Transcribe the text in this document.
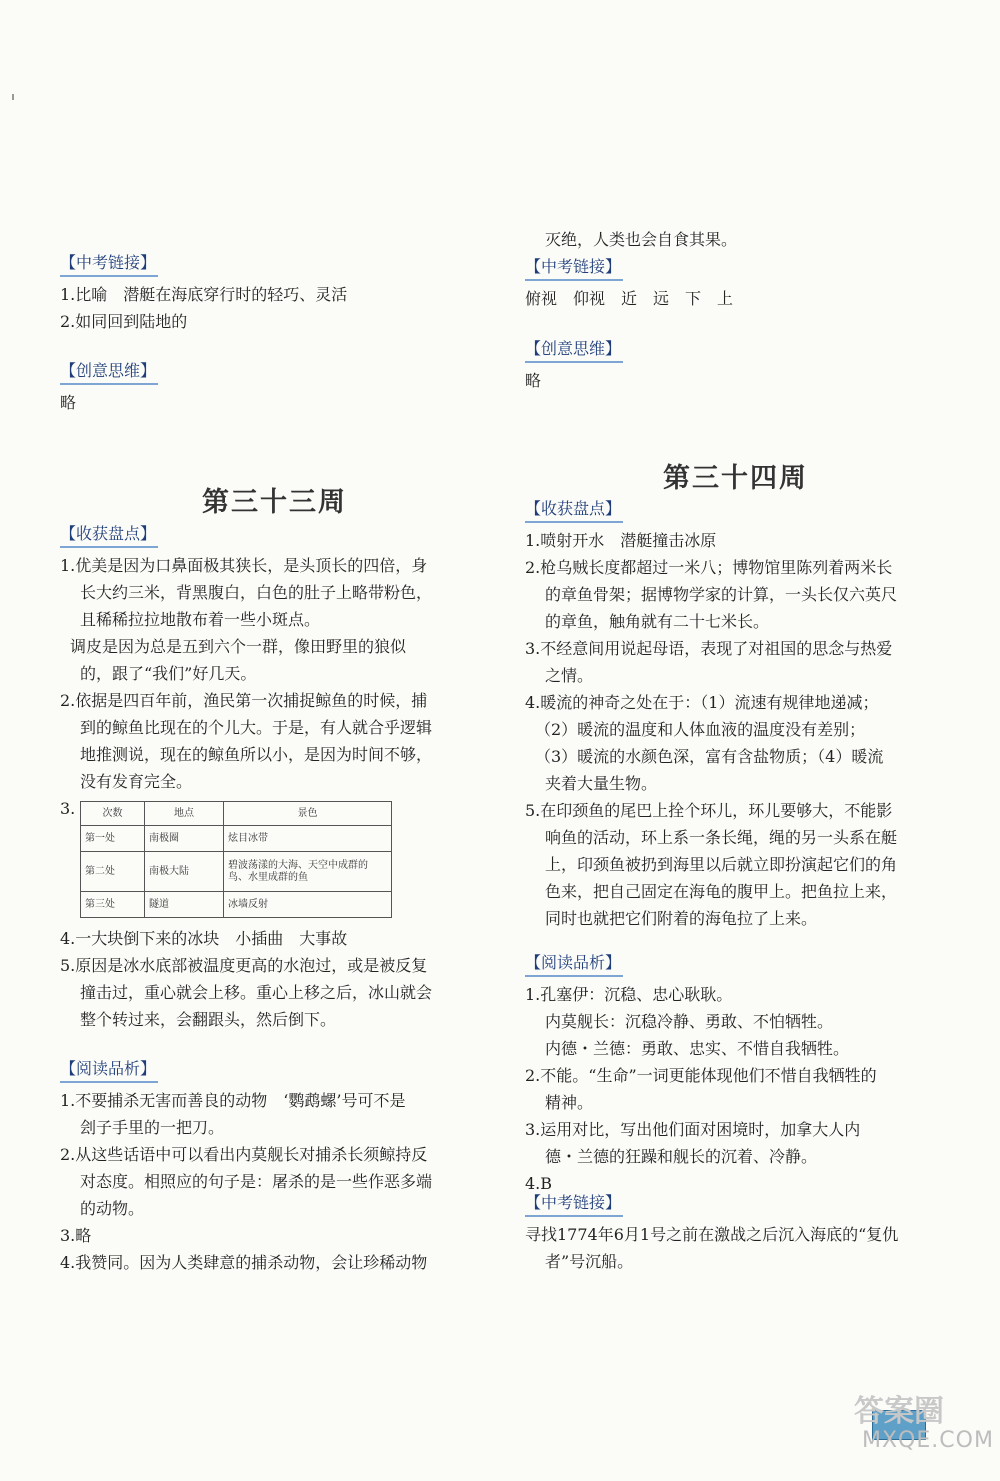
【中考链接】
1.比喻　潜艇在海底穿行时的轻巧、灵活
2.如同回到陆地的
【创意思维】
略
第三十三周
【收获盘点】
1.优美是因为口鼻面极其狭长，是头顶长的四倍，身
长大约三米，背黑腹白，白色的肚子上略带粉色，
且稀稀拉拉地散布着一些小斑点。
调皮是因为总是五到六个一群，像田野里的狼似
的，跟了“我们”好几天。
2.依据是四百年前，渔民第一次捕捉鲸鱼的时候，捕
到的鲸鱼比现在的个儿大。于是，有人就合乎逻辑
地推测说，现在的鲸鱼所以小，是因为时间不够，
没有发育完全。
3.	次数	地点	景色
第一处	南极圈	炫目冰带
第二处	南极大陆	碧波荡漾的大海、天空中成群的鸟、水里成群的鱼
第三处	隧道	冰墙反射
4.一大块倒下来的冰块　小插曲　大事故
5.原因是冰水底部被温度更高的水泡过，或是被反复
撞击过，重心就会上移。重心上移之后，冰山就会
整个转过来，会翻跟头，然后倒下。
【阅读品析】
1.不要捕杀无害而善良的动物　‘鹦鹉螺’号可不是
刽子手里的一把刀。
2.从这些话语中可以看出内莫舰长对捕杀长须鲸持反
对态度。相照应的句子是：屠杀的是一些作恶多端
的动物。
3.略
4.我赞同。因为人类肆意的捕杀动物，会让珍稀动物
灭绝，人类也会自食其果。
【中考链接】
俯视　仰视　近　远　下　上
【创意思维】
略
第三十四周
【收获盘点】
1.喷射开水　潜艇撞击冰原
2.枪乌贼长度都超过一米八；博物馆里陈列着两米长
的章鱼骨架；据博物学家的计算，一头长仅六英尺
的章鱼，触角就有二十七米长。
3.不经意间用说起母语，表现了对祖国的思念与热爱
之情。
4.暖流的神奇之处在于：（1）流速有规律地递减；
（2）暖流的温度和人体血液的温度没有差别；
（3）暖流的水颜色深，富有含盐物质；（4）暖流
夹着大量生物。
5.在印颈鱼的尾巴上拴个环儿，环儿要够大，不能影
响鱼的活动，环上系一条长绳，绳的另一头系在艇
上，印颈鱼被扔到海里以后就立即扮演起它们的角
色来，把自己固定在海龟的腹甲上。把鱼拉上来，
同时也就把它们附着的海龟拉了上来。
【阅读品析】
1.孔塞伊：沉稳、忠心耿耿。
内莫舰长：沉稳冷静、勇敢、不怕牺牲。
内德・兰德：勇敢、忠实、不惜自我牺牲。
2.不能。“生命”一词更能体现他们不惜自我牺牲的
精神。
3.运用对比，写出他们面对困境时，加拿大人内
德・兰德的狂躁和舰长的沉着、冷静。
4.B
【中考链接】
寻找1774年6月1号之前在激战之后沉入海底的“复仇
者”号沉船。
答案圈
MXQE.COM
